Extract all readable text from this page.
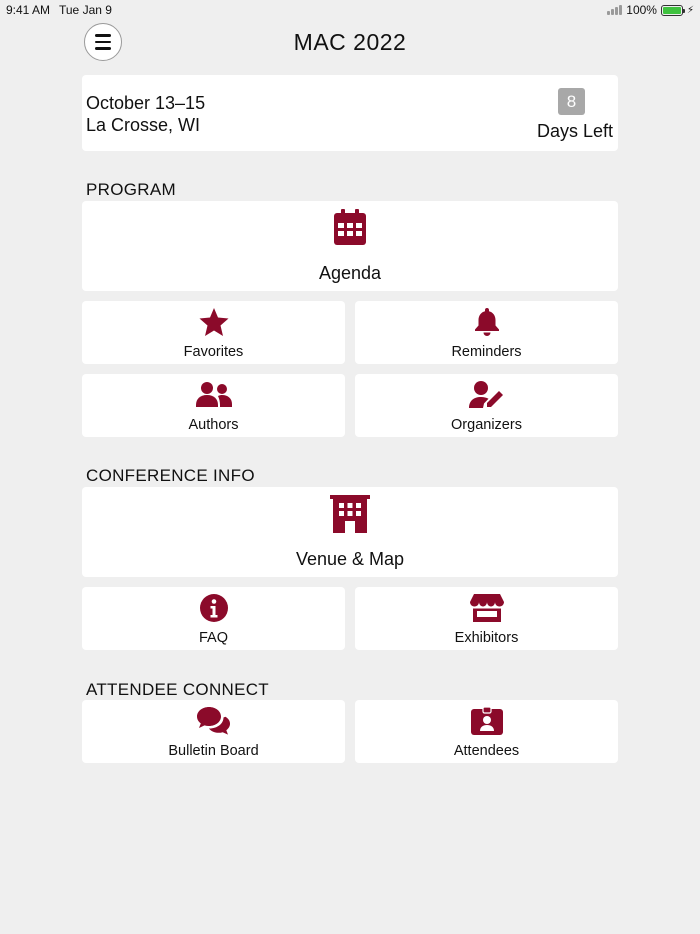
9:41 AM Tue Jan 9	100%	⚡
MAC 2022
October 13–15
La Crosse, WI
8
Days Left
PROGRAM
Agenda
Favorites	Reminders
Authors	Organizers
CONFERENCE INFO
Venue & Map
FAQ	Exhibitors
ATTENDEE CONNECT
Bulletin Board	Attendees
